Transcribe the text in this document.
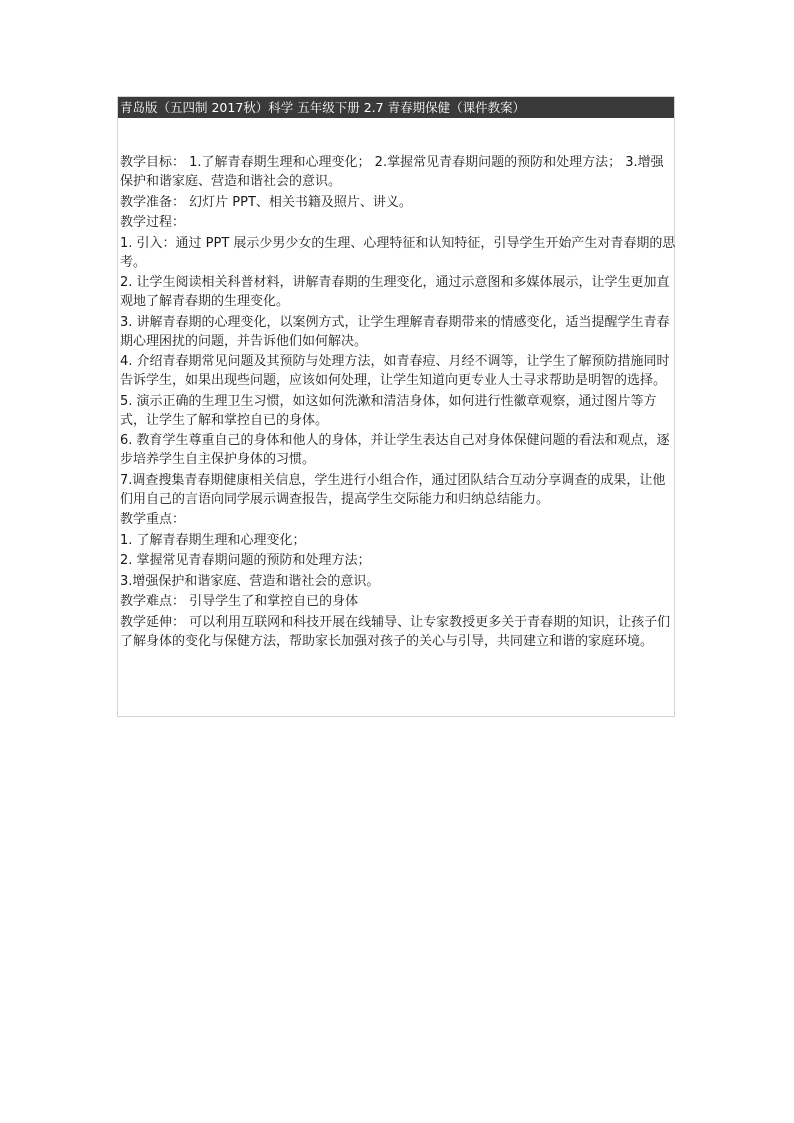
青岛版（五四制 2017秋）科学 五年级下册 2.7 青春期保健（课件教案）

教学目标： 1.了解青春期生理和心理变化； 2.掌握常见青春期问题的预防和处理方法； 3.增强保护和谐家庭、营造和谐社会的意识。

教学准备： 幻灯片 PPT、相关书籍及照片、讲义。

教学过程：

1. 引入：通过 PPT 展示少男少女的生理、心理特征和认知特征，引导学生开始产生对青春期的思考。

2. 让学生阅读相关科普材料，讲解青春期的生理变化，通过示意图和多媒体展示，让学生更加直观地了解青春期的生理变化。

3. 讲解青春期的心理变化，以案例方式，让学生理解青春期带来的情感变化，适当提醒学生青春期心理困扰的问题，并告诉他们如何解决。

4. 介绍青春期常见问题及其预防与处理方法，如青春痘、月经不调等，让学生了解预防措施同时告诉学生，如果出现些问题，应该如何处理，让学生知道向更专业人士寻求帮助是明智的选择。

5. 演示正确的生理卫生习惯，如这如何洗漱和清洁身体，如何进行性徽章观察，通过图片等方式，让学生了解和掌控自已的身体。

6. 教育学生尊重自己的身体和他人的身体，并让学生表达自己对身体保健问题的看法和观点，逐步培养学生自主保护身体的习惯。

7.调查搜集青春期健康相关信息，学生进行小组合作，通过团队结合互动分享调查的成果，让他们用自己的言语向同学展示调查报告，提高学生交际能力和归纳总结能力。

教学重点：

1. 了解青春期生理和心理变化；

2. 掌握常见青春期问题的预防和处理方法；

3.增强保护和谐家庭、营造和谐社会的意识。

教学难点： 引导学生了和掌控自已的身体

教学延伸： 可以利用互联网和科技开展在线辅导、让专家教授更多关于青春期的知识，让孩子们了解身体的变化与保健方法，帮助家长加强对孩子的关心与引导，共同建立和谐的家庭环境。
